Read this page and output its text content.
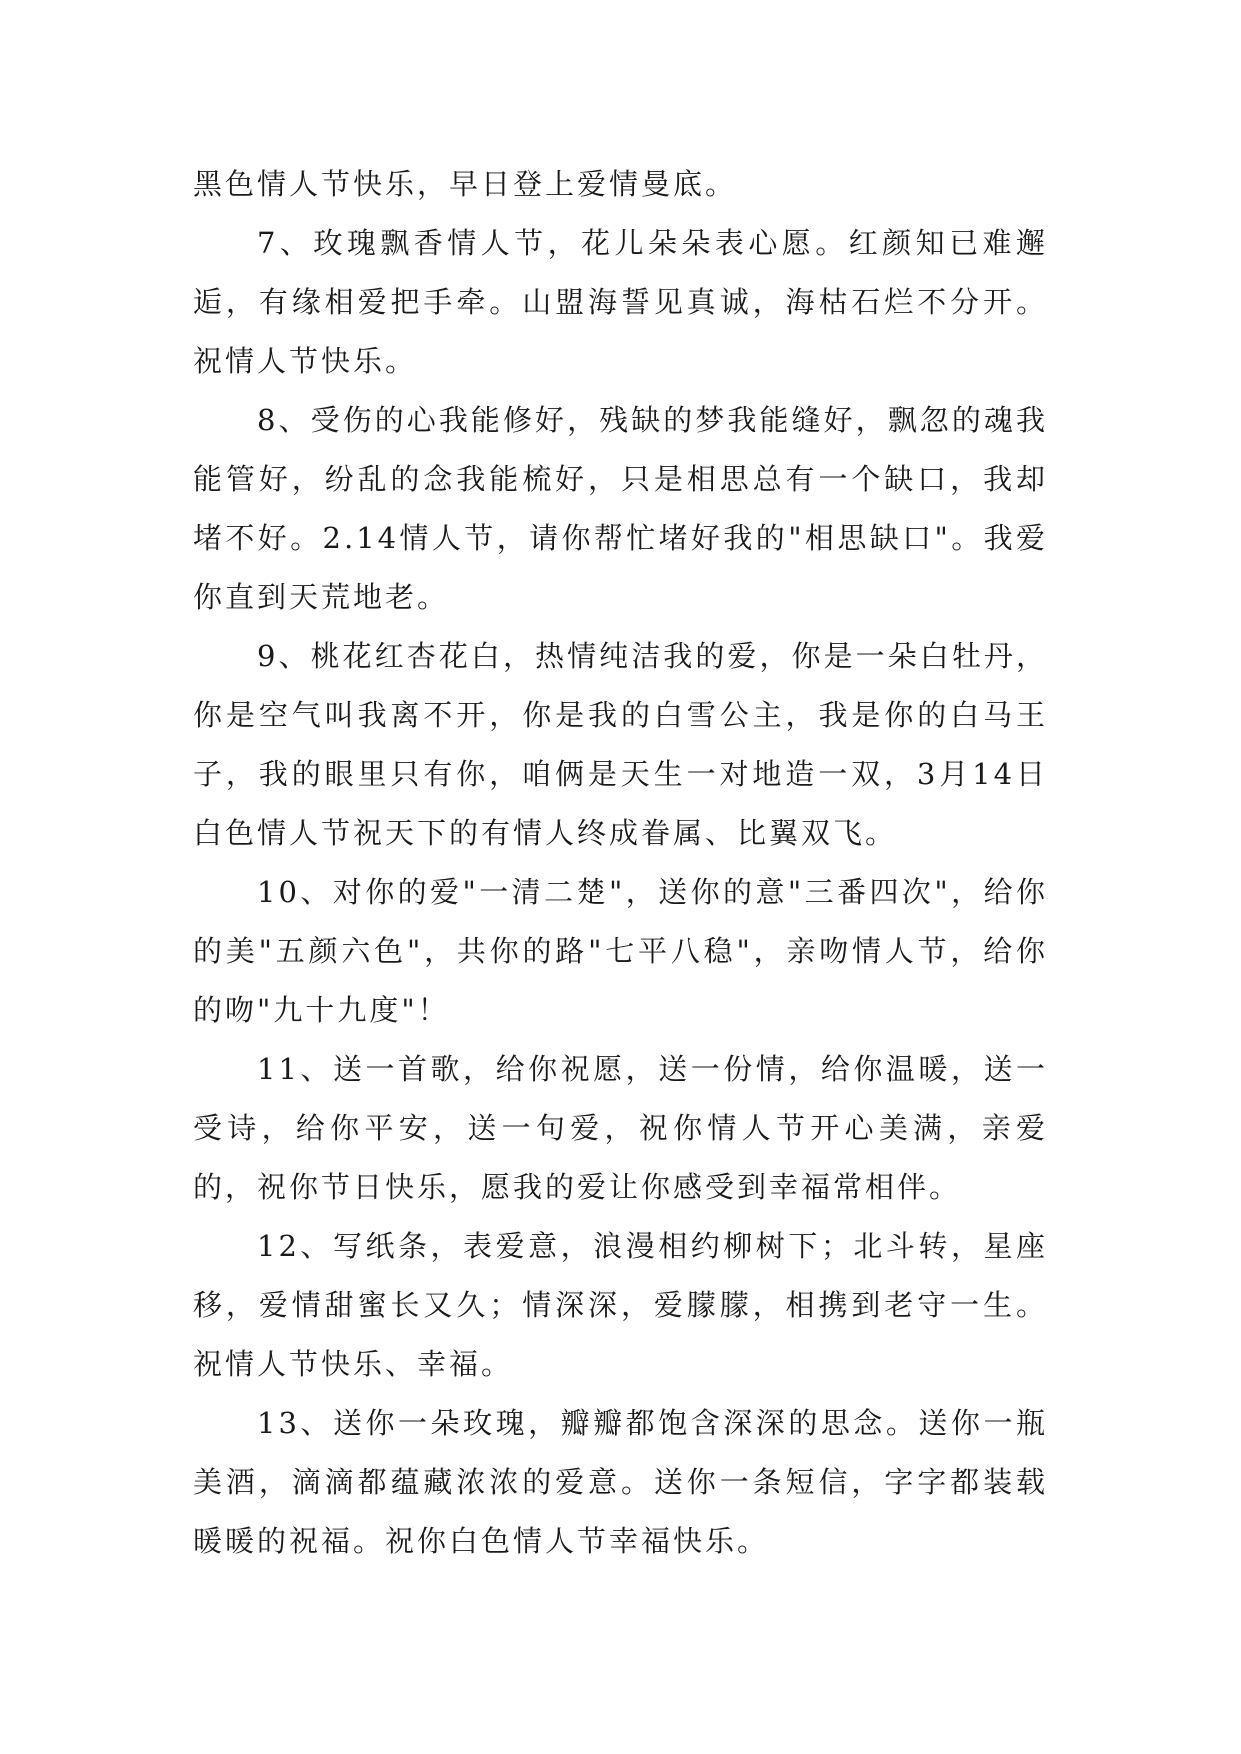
黑色情人节快乐，早日登上爱情曼底。

7、玫瑰飘香情人节，花儿朵朵表心愿。红颜知已难邂逅，有缘相爱把手牵。山盟海誓见真诚，海枯石烂不分开。祝情人节快乐。

8、受伤的心我能修好，残缺的梦我能缝好，飘忽的魂我能管好，纷乱的念我能梳好，只是相思总有一个缺口，我却堵不好。2.14情人节，请你帮忙堵好我的"相思缺口"。我爱你直到天荒地老。

9、桃花红杏花白，热情纯洁我的爱，你是一朵白牡丹，你是空气叫我离不开，你是我的白雪公主，我是你的白马王子，我的眼里只有你，咱俩是天生一对地造一双，3月14日白色情人节祝天下的有情人终成眷属、比翼双飞。

10、对你的爱"一清二楚"，送你的意"三番四次"，给你的美"五颜六色"，共你的路"七平八稳"，亲吻情人节，给你的吻"九十九度"！

11、送一首歌，给你祝愿，送一份情，给你温暖，送一受诗，给你平安，送一句爱，祝你情人节开心美满，亲爱的，祝你节日快乐，愿我的爱让你感受到幸福常相伴。

12、写纸条，表爱意，浪漫相约柳树下；北斗转，星座移，爱情甜蜜长又久；情深深，爱朦朦，相携到老守一生。祝情人节快乐、幸福。

13、送你一朵玫瑰，瓣瓣都饱含深深的思念。送你一瓶美酒，滴滴都蕴藏浓浓的爱意。送你一条短信，字字都装载暖暖的祝福。祝你白色情人节幸福快乐。
